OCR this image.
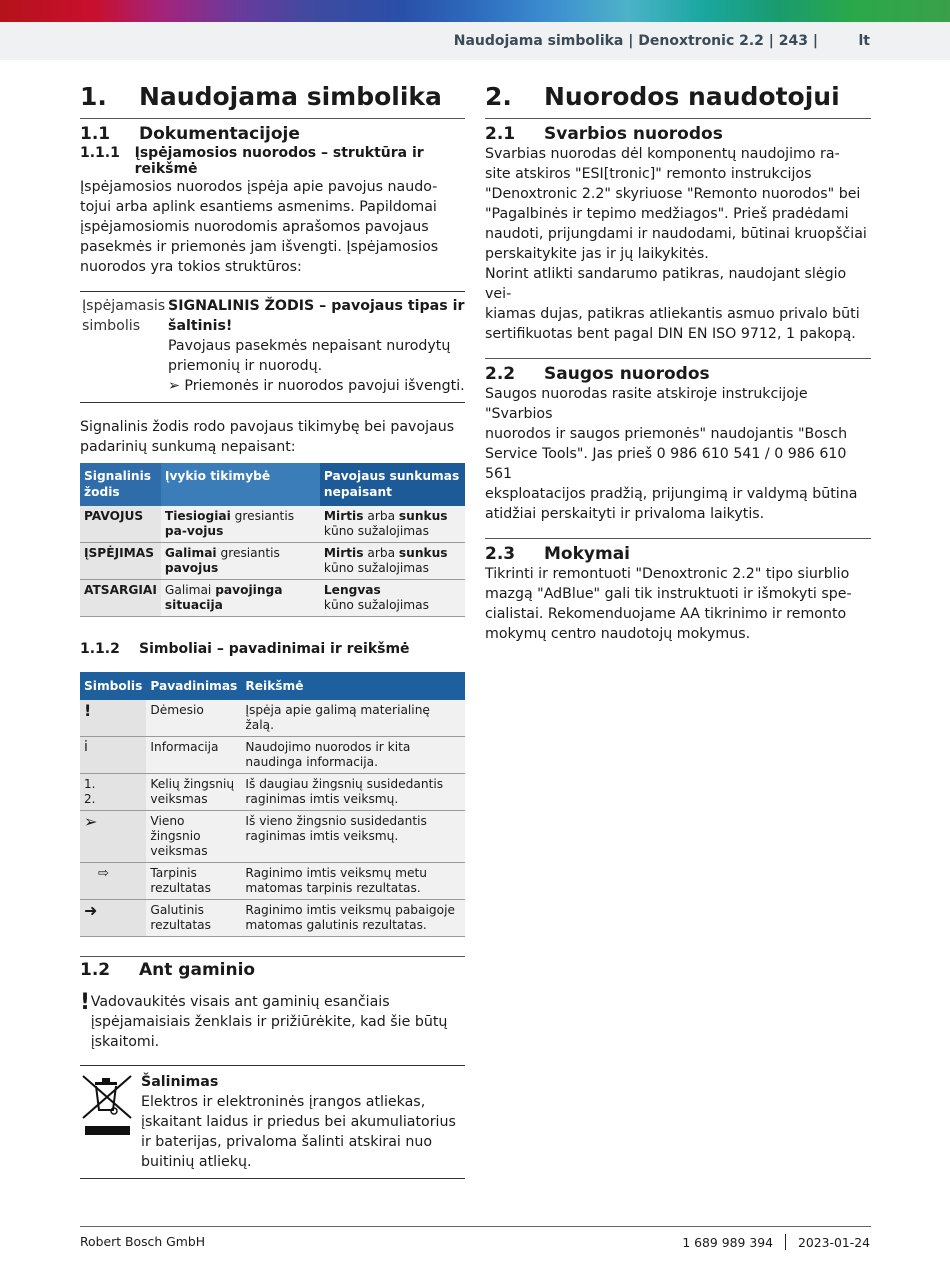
Naudojama simbolika | Denoxtronic 2.2 | 243 |	lt
1.	Naudojama simbolika
1.1	Dokumentacijoje
1.1.1	Įspėjamosios nuorodos – struktūra ir reikšmė
Įspėjamosios nuorodos įspėja apie pavojus naudo-
tojui arba aplink esantiems asmenims. Papildomai
įspėjamosiomis nuorodomis aprašomos pavojaus
pasekmės ir priemonės jam išvengti. Įspėjamosios
nuorodos yra tokios struktūros:
Įspėjamasis simbolis
SIGNALINIS ŽODIS – pavojaus tipas ir
šaltinis!
Pavojaus pasekmės nepaisant nurodytų
priemonių ir nuorodų.
➢ Priemonės ir nuorodos pavojui išvengti.
Signalinis žodis rodo pavojaus tikimybę bei pavojaus
padarinių sunkumą nepaisant:
Signalinis žodis	Įvykio tikimybė	Pavojaus sunkumas nepaisant
PAVOJUS	Tiesiogiai gresiantis pa-vojus	Mirtis arba sunkus
kūno sužalojimas
ĮSPĖJIMAS	Galimai gresiantis pavojus	Mirtis arba sunkus
kūno sužalojimas
ATSARGIAI	Galimai pavojinga situacija	Lengvas
kūno sužalojimas
1.1.2	Simboliai – pavadinimai ir reikšmė
Simbolis	Pavadinimas	Reikšmė
!	Dėmesio	Įspėja apie galimą materialinę žalą.
i	Informacija	Naudojimo nuorodos ir kita naudinga informacija.
1.
2.	Kelių žingsnių veiksmas	Iš daugiau žingsnių susidedantis raginimas imtis veiksmų.
➢	Vieno žingsnio veiksmas	Iš vieno žingsnio susidedantis raginimas imtis veiksmų.
⇨	Tarpinis rezultatas	Raginimo imtis veiksmų metu matomas tarpinis rezultatas.
➜	Galutinis rezultatas	Raginimo imtis veiksmų pabaigoje matomas galutinis rezultatas.
1.2	Ant gaminio
! Vadovaukitės visais ant gaminių esančiais įspėjamaisiais ženklais ir prižiūrėkite, kad šie būtų įskaitomi.
Šalinimas
Elektros ir elektroninės įrangos atliekas, įskaitant laidus ir priedus bei akumuliatorius ir baterijas, privaloma šalinti atskirai nuo buitinių atliekų.
2.	Nuorodos naudotojui
2.1	Svarbios nuorodos
Svarbias nuorodas dėl komponentų naudojimo ra-
site atskiros "ESI[tronic]" remonto instrukcijos
"Denoxtronic 2.2" skyriuose "Remonto nuorodos" bei
"Pagalbinės ir tepimo medžiagos". Prieš pradėdami
naudoti, prijungdami ir naudodami, būtinai kruopščiai
perskaitykite jas ir jų laikykitės.
Norint atlikti sandarumo patikras, naudojant slėgio vei-
kiamas dujas, patikras atliekantis asmuo privalo būti
sertifikuotas bent pagal DIN EN ISO 9712, 1 pakopą.
2.2	Saugos nuorodos
Saugos nuorodas rasite atskiroje instrukcijoje "Svarbios
nuorodos ir saugos priemonės" naudojantis "Bosch
Service Tools". Jas prieš 0 986 610 541 / 0 986 610 561
eksploatacijos pradžią, prijungimą ir valdymą būtina
atidžiai perskaityti ir privaloma laikytis.
2.3	Mokymai
Tikrinti ir remontuoti "Denoxtronic 2.2" tipo siurblio
mazgą "AdBlue" gali tik instruktuoti ir išmokyti spe-
cialistai. Rekomenduojame AA tikrinimo ir remonto
mokymų centro naudotojų mokymus.
Robert Bosch GmbH	1 689 989 394 2023-01-24
